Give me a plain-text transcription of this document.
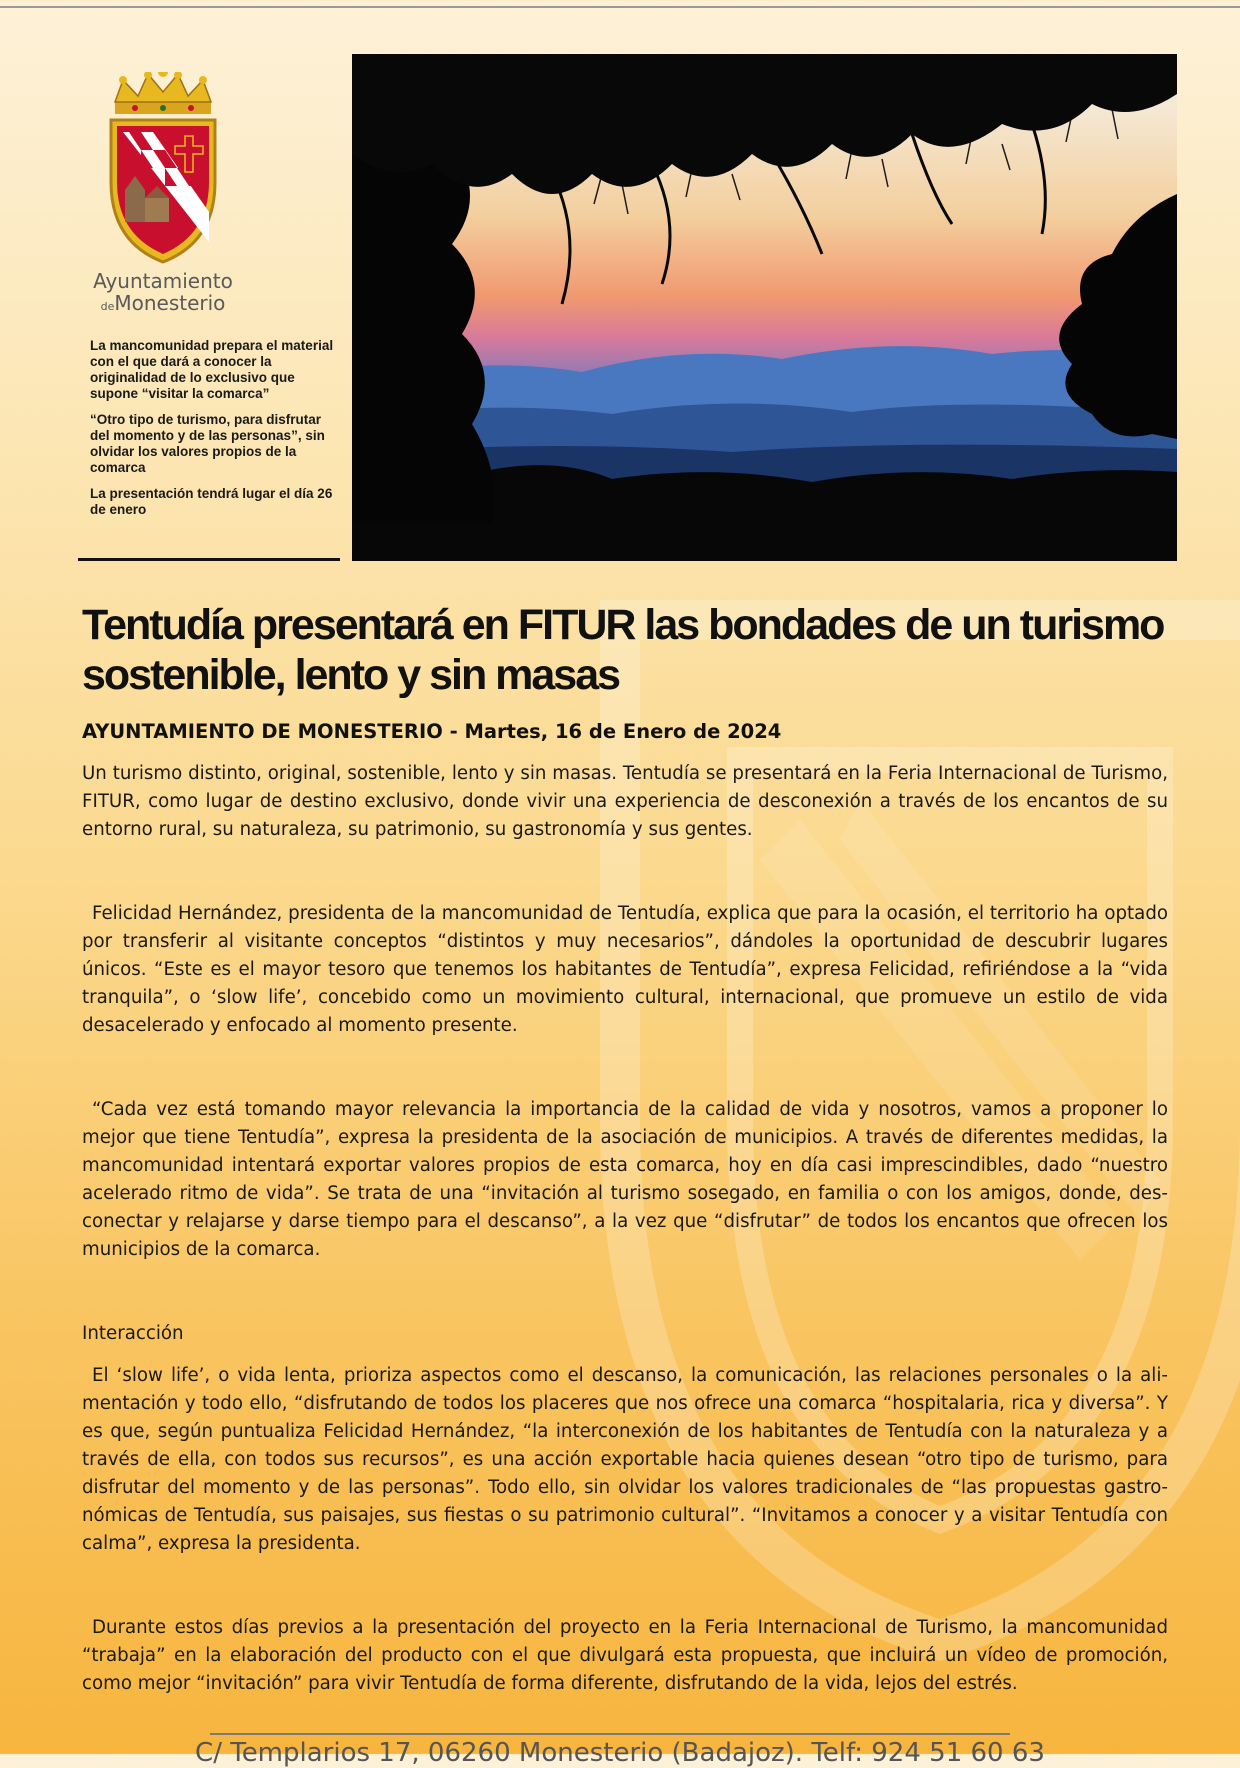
Ayuntamiento
deMonesterio

La mancomunidad prepara el material con el que dará a conocer la originalidad de lo exclusivo que supone “visitar la comarca”

“Otro tipo de turismo, para disfrutar del momento y de las personas”, sin olvidar los valores propios de la comarca

La presentación tendrá lugar el día 26 de enero

Tentudía presentará en FITUR las bondades de un turismo sostenible, lento y sin masas

AYUNTAMIENTO DE MONESTERIO - Martes, 16 de Enero de 2024

Un turismo distinto, original, sostenible, lento y sin masas. Tentudía se presentará en la Feria Internacional de Turismo, FITUR, como lugar de destino exclusivo, donde vivir una experiencia de desconexión a través de los encantos de su entorno rural, su naturaleza, su patrimonio, su gastronomía y sus gentes.

Felicidad Hernández, presidenta de la mancomunidad de Tentudía, explica que para la ocasión, el territorio ha optado por transferir al visitante conceptos “distintos y muy necesarios”, dándoles la oportunidad de descubrir lugares únicos. “Este es el mayor tesoro que tenemos los habitantes de Tentudía”, expresa Felicidad, refiriéndose a la “vida tranquila”, o ‘slow life’, concebido como un movimiento cultural, internacional, que promueve un estilo de vida desacelerado y enfocado al momento presente.

“Cada vez está tomando mayor relevancia la importancia de la calidad de vida y nosotros, vamos a proponer lo mejor que tiene Tentudía”, expresa la presidenta de la asociación de municipios. A través de diferentes medidas, la mancomunidad intentará exportar valores propios de esta comarca, hoy en día casi imprescindibles, dado “nuestro acelerado ritmo de vida”. Se trata de una “invitación al turismo sosegado, en familia o con los amigos, donde, desconectar y relajarse y darse tiempo para el descanso”, a la vez que “disfrutar” de todos los encantos que ofrecen los municipios de la comarca.

Interacción

El ‘slow life’, o vida lenta, prioriza aspectos como el descanso, la comunicación, las relaciones personales o la alimentación y todo ello, “disfrutando de todos los placeres que nos ofrece una comarca “hospitalaria, rica y diversa”. Y es que, según puntualiza Felicidad Hernández, “la interconexión de los habitantes de Tentudía con la naturaleza y a través de ella, con todos sus recursos”, es una acción exportable hacia quienes desean “otro tipo de turismo, para disfrutar del momento y de las personas”. Todo ello, sin olvidar los valores tradicionales de “las propuestas gastronómicas de Tentudía, sus paisajes, sus fiestas o su patrimonio cultural”. “Invitamos a conocer y a visitar Tentudía con calma”, expresa la presidenta.

Durante estos días previos a la presentación del proyecto en la Feria Internacional de Turismo, la mancomunidad “trabaja” en la elaboración del producto con el que divulgará esta propuesta, que incluirá un vídeo de promoción, como mejor “invitación” para vivir Tentudía de forma diferente, disfrutando de la vida, lejos del estrés.

C/ Templarios 17, 06260 Monesterio (Badajoz). Telf: 924 51 60 63
